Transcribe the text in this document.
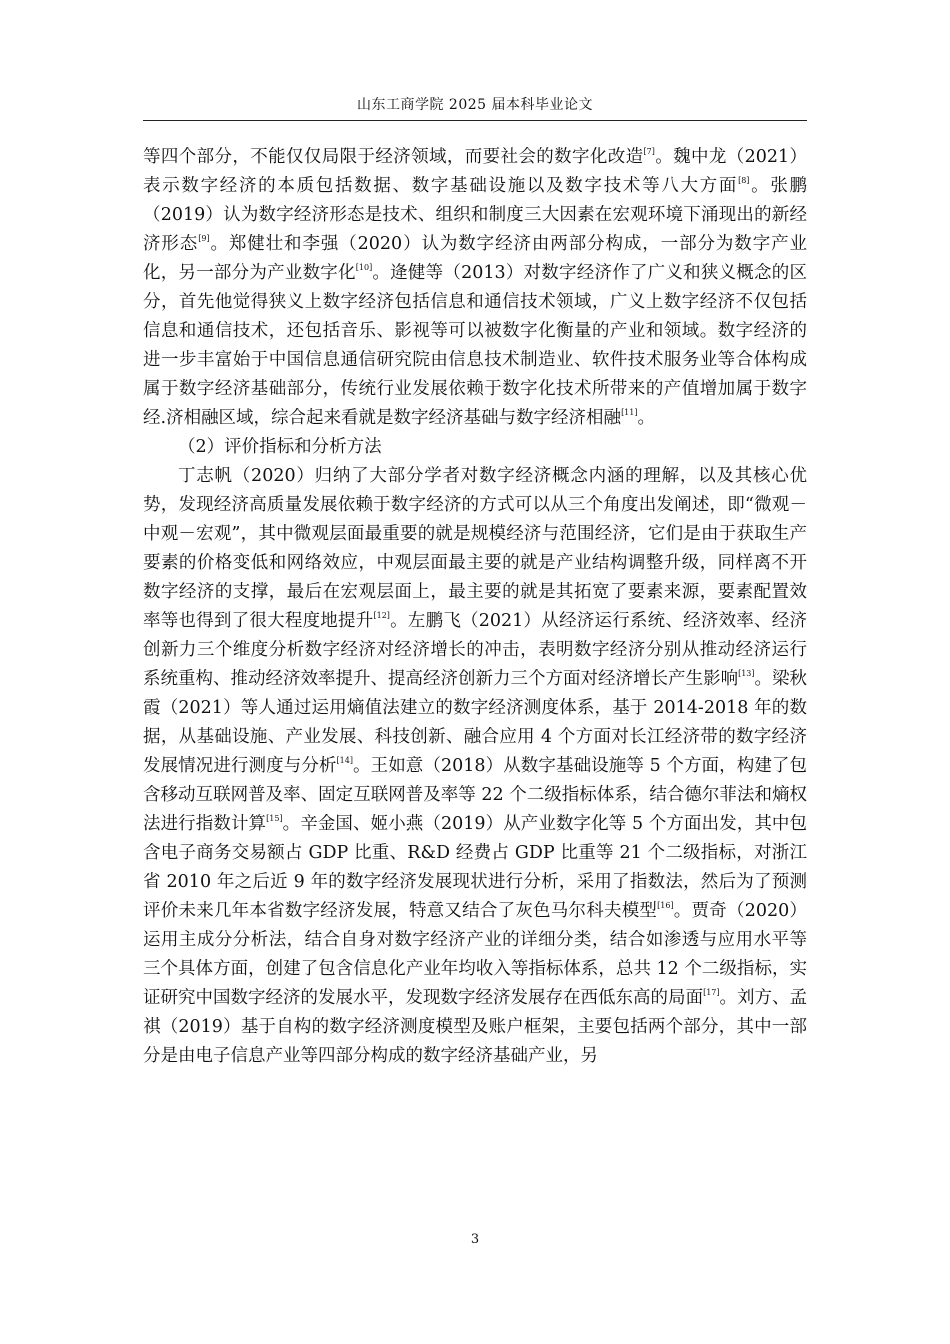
山东工商学院 2025 届本科毕业论文

等四个部分，不能仅仅局限于经济领域，而要社会的数字化改造[7]。魏中龙（2021）表示数字经济的本质包括数据、数字基础设施以及数字技术等八大方面[8]。张鹏（2019）认为数字经济形态是技术、组织和制度三大因素在宏观环境下涌现出的新经济形态[9]。郑健壮和李强（2020）认为数字经济由两部分构成，一部分为数字产业化，另一部分为产业数字化[10]。逄健等（2013）对数字经济作了广义和狭义概念的区分，首先他觉得狭义上数字经济包括信息和通信技术领域，广义上数字经济不仅包括信息和通信技术，还包括音乐、影视等可以被数字化衡量的产业和领域。数字经济的进一步丰富始于中国信息通信研究院由信息技术制造业、软件技术服务业等合体构成属于数字经济基础部分，传统行业发展依赖于数字化技术所带来的产值增加属于数字经.济相融区域，综合起来看就是数字经济基础与数字经济相融[11]。

（2）评价指标和分析方法

丁志帆（2020）归纳了大部分学者对数字经济概念内涵的理解，以及其核心优势，发现经济高质量发展依赖于数字经济的方式可以从三个角度出发阐述，即“微观－中观－宏观”，其中微观层面最重要的就是规模经济与范围经济，它们是由于获取生产要素的价格变低和网络效应，中观层面最主要的就是产业结构调整升级，同样离不开数字经济的支撑，最后在宏观层面上，最主要的就是其拓宽了要素来源，要素配置效率等也得到了很大程度地提升[12]。左鹏飞（2021）从经济运行系统、经济效率、经济创新力三个维度分析数字经济对经济增长的冲击，表明数字经济分别从推动经济运行系统重构、推动经济效率提升、提高经济创新力三个方面对经济增长产生影响[13]。梁秋霞（2021）等人通过运用熵值法建立的数字经济测度体系，基于 2014-2018 年的数据，从基础设施、产业发展、科技创新、融合应用 4 个方面对长江经济带的数字经济发展情况进行测度与分析[14]。王如意（2018）从数字基础设施等 5 个方面，构建了包含移动互联网普及率、固定互联网普及率等 22 个二级指标体系，结合德尔菲法和熵权法进行指数计算[15]。辛金国、姬小燕（2019）从产业数字化等 5 个方面出发，其中包含电子商务交易额占 GDP 比重、R&D 经费占 GDP 比重等 21 个二级指标，对浙江省 2010 年之后近 9 年的数字经济发展现状进行分析，采用了指数法，然后为了预测评价未来几年本省数字经济发展，特意又结合了灰色马尔科夫模型[16]。贾奇（2020）运用主成分分析法，结合自身对数字经济产业的详细分类，结合如渗透与应用水平等三个具体方面，创建了包含信息化产业年均收入等指标体系，总共 12 个二级指标，实证研究中国数字经济的发展水平，发现数字经济发展存在西低东高的局面[17]。刘方、孟祺（2019）基于自构的数字经济测度模型及账户框架，主要包括两个部分，其中一部分是由电子信息产业等四部分构成的数字经济基础产业，另

3
